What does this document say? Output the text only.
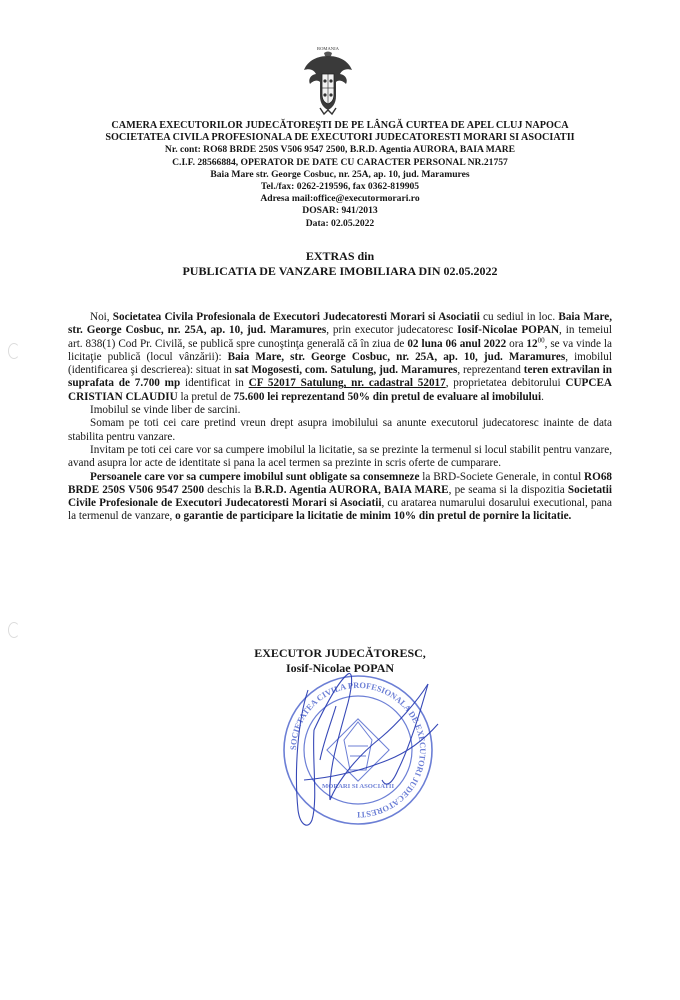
ROMANIA
CAMERA EXECUTORILOR JUDECĂTOREŞTI DE PE LÂNGĂ CURTEA DE APEL CLUJ NAPOCA
SOCIETATEA CIVILA PROFESIONALA DE EXECUTORI JUDECATORESTI MORARI SI ASOCIATII
Nr. cont: RO68 BRDE 250S V506 9547 2500, B.R.D. Agentia AURORA, BAIA MARE
C.I.F. 28566884, OPERATOR DE DATE CU CARACTER PERSONAL NR.21757
Baia Mare str. George Cosbuc, nr. 25A, ap. 10, jud. Maramures
Tel./fax: 0262-219596, fax 0362-819905
Adresa mail:office@executormorari.ro
DOSAR: 941/2013
Data: 02.05.2022
EXTRAS din
PUBLICATIA DE VANZARE IMOBILIARA DIN 02.05.2022

Noi, Societatea Civila Profesionala de Executori Judecatoresti Morari si Asociatii cu sediul in loc. Baia Mare, str. George Cosbuc, nr. 25A, ap. 10, jud. Maramures, prin executor judecatoresc Iosif-Nicolae POPAN, in temeiul art. 838(1) Cod Pr. Civilă, se publică spre cunoştinţa generală că în ziua de 02 luna 06 anul 2022 ora $12^{00}$, se va vinde la licitaţie publică (locul vânzării): Baia Mare, str. George Cosbuc, nr. 25A, ap. 10, jud. Maramures, imobilul (identificarea şi descrierea): situat in sat Mogosesti, com. Satulung, jud. Maramures, reprezentand teren extravilan in suprafata de 7.700 mp identificat in CF 52017 Satulung, nr. cadastral 52017, proprietatea debitorului CUPCEA CRISTIAN CLAUDIU la pretul de 75.600 lei reprezentand 50% din pretul de evaluare al imobilului.

Imobilul se vinde liber de sarcini.

Somam pe toti cei care pretind vreun drept asupra imobilului sa anunte executorul judecatoresc inainte de data stabilita pentru vanzare.

Invitam pe toti cei care vor sa cumpere imobilul la licitatie, sa se prezinte la termenul si locul stabilit pentru vanzare, avand asupra lor acte de identitate si pana la acel termen sa prezinte in scris oferte de cumparare.

Persoanele care vor sa cumpere imobilul sunt obligate sa consemneze la BRD-Societe Generale, in contul RO68 BRDE 250S V506 9547 2500 deschis la B.R.D. Agentia AURORA, BAIA MARE, pe seama si la dispozitia Societatii Civile Profesionale de Executori Judecatoresti Morari si Asociatii, cu aratarea numarului dosarului executional, pana la termenul de vanzare, o garantie de participare la licitatie de minim 10% din pretul de pornire la licitatie.

EXECUTOR JUDECĂTORESC,
Iosif-Nicolae POPAN
SOCIETATEA CIVILA PROFESIONALA DE EXECUTORI JUDECATORESTI
MORARI SI ASOCIATII
